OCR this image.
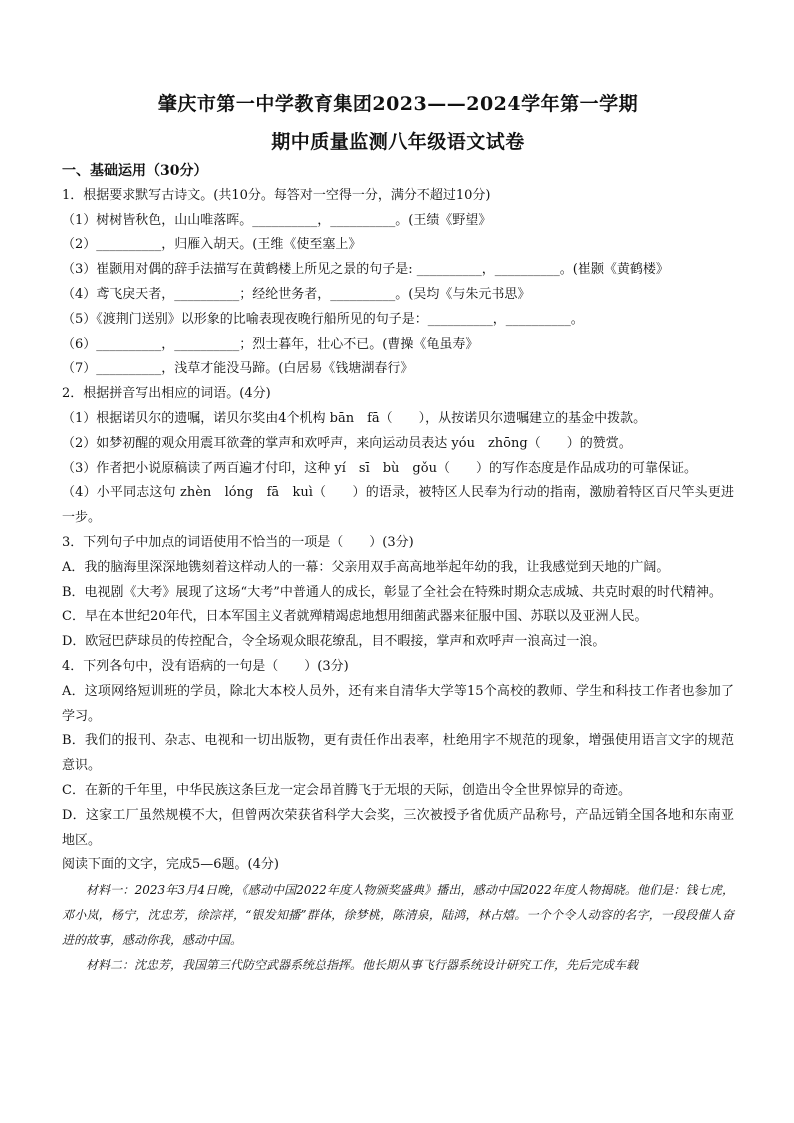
肇庆市第一中学教育集团2023——2024学年第一学期
期中质量监测八年级语文试卷
一、基础运用（30分）
1．根据要求默写古诗文。(共10分。每答对一空得一分，满分不超过10分)
（1）树树皆秋色，山山唯落晖。__________，__________。(王绩《野望》
（2）__________，归雁入胡天。(王维《使至塞上》
（3）崔颢用对偶的辞手法描写在黄鹤楼上所见之景的句子是: __________，__________。(崔颢《黄鹤楼》
（4）鸢飞戾天者，__________；经纶世务者，__________。(吴均《与朱元书思》
（5）《渡荆门送别》以形象的比喻表现夜晚行船所见的句子是：__________，__________。
（6）__________，__________；烈士暮年，壮心不已。(曹操《龟虽寿》
（7）__________，浅草才能没马蹄。(白居易《钱塘湖春行》
2．根据拼音写出相应的词语。(4分)
（1）根据诺贝尔的遗嘱，诺贝尔奖由4个机构 bān　fā（　　），从按诺贝尔遗嘱建立的基金中拨款。
（2）如梦初醒的观众用震耳欲聋的掌声和欢呼声，来向运动员表达 yóu　zhōng（　　）的赞赏。
（3）作者把小说原稿读了两百遍才付印，这种 yí　sī　bù　gǒu（　　）的写作态度是作品成功的可靠保证。
（4）小平同志这句 zhèn　lóng　fā　kuì（　　）的语录，被特区人民奉为行动的指南，激励着特区百尺竿头更进一步。
3．下列句子中加点的词语使用不恰当的一项是（　　）(3分)
A．我的脑海里深深地镌刻着这样动人的一幕：父亲用双手高高地举起年幼的我，让我感觉到天地的广阔。
B．电视剧《大考》展现了这场“大考”中普通人的成长，彰显了全社会在特殊时期众志成城、共克时艰的时代精神。
C．早在本世纪20年代，日本军国主义者就殚精竭虑地想用细菌武器来征服中国、苏联以及亚洲人民。
D．欧冠巴萨球员的传控配合，令全场观众眼花缭乱，目不暇接，掌声和欢呼声一浪高过一浪。
4．下列各句中，没有语病的一句是（　　）(3分)
A．这项网络短训班的学员，除北大本校人员外，还有来自清华大学等15个高校的教师、学生和科技工作者也参加了学习。
B．我们的报刊、杂志、电视和一切出版物，更有责任作出表率，杜绝用字不规范的现象，增强使用语言文字的规范意识。
C．在新的千年里，中华民族这条巨龙一定会昂首腾飞于无垠的天际，创造出令全世界惊异的奇迹。
D．这家工厂虽然规模不大，但曾两次荣获省科学大会奖，三次被授予省优质产品称号，产品远销全国各地和东南亚地区。
阅读下面的文字，完成5—6题。(4分)
材料一：2023年3月4日晚，《感动中国2022年度人物颁奖盛典》播出，感动中国2022年度人物揭晓。他们是：钱七虎，邓小岚，杨宁，沈忠芳，徐淙祥，“银发知播”群体，徐梦桃，陈清泉，陆鸿，林占熺。一个个令人动容的名字，一段段催人奋进的故事，感动你我，感动中国。
材料二：沈忠芳，我国第三代防空武器系统总指挥。他长期从事飞行器系统设计研究工作，先后完成车载
